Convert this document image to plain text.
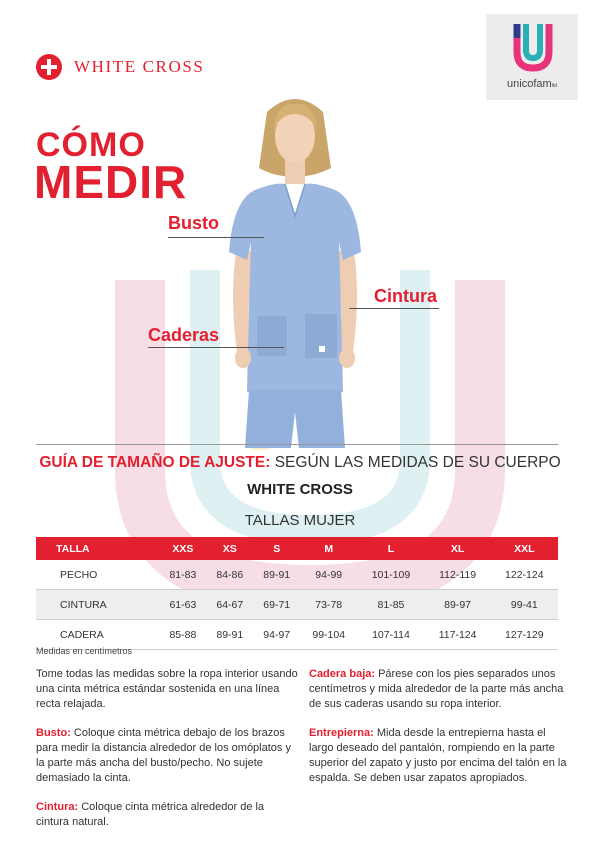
WHITE CROSS
unicofamltd
CÓMO
MEDIR
Busto
Cintura
Caderas
GUÍA DE TAMAÑO DE AJUSTE: SEGÚN LAS MEDIDAS DE SU CUERPO
WHITE CROSS
TALLAS MUJER
TALLA	XXS	XS	S	M	L	XL	XXL
PECHO	81-83	84-86	89-91	94-99	101-109	112-119	122-124
CINTURA	61-63	64-67	69-71	73-78	81-85	89-97	99-41
CADERA	85-88	89-91	94-97	99-104	107-114	117-124	127-129
Medidas en centímetros

Tome todas las medidas sobre la ropa interior usando una cinta métrica estándar sostenida en una línea recta relajada.

Busto: Coloque cinta métrica debajo de los brazos para medir la distancia alrededor de los omóplatos y la parte más ancha del busto/pecho. No sujete demasiado la cinta.

Cintura: Coloque cinta métrica alrededor de la cintura natural.

Cadera baja: Párese con los pies separados unos centímetros y mida alrededor de la parte más ancha de sus caderas usando su ropa interior.

Entrepierna: Mida desde la entrepierna hasta el largo deseado del pantalón, rompiendo en la parte superior del zapato y justo por encima del talón en la espalda. Se deben usar zapatos apropiados.
